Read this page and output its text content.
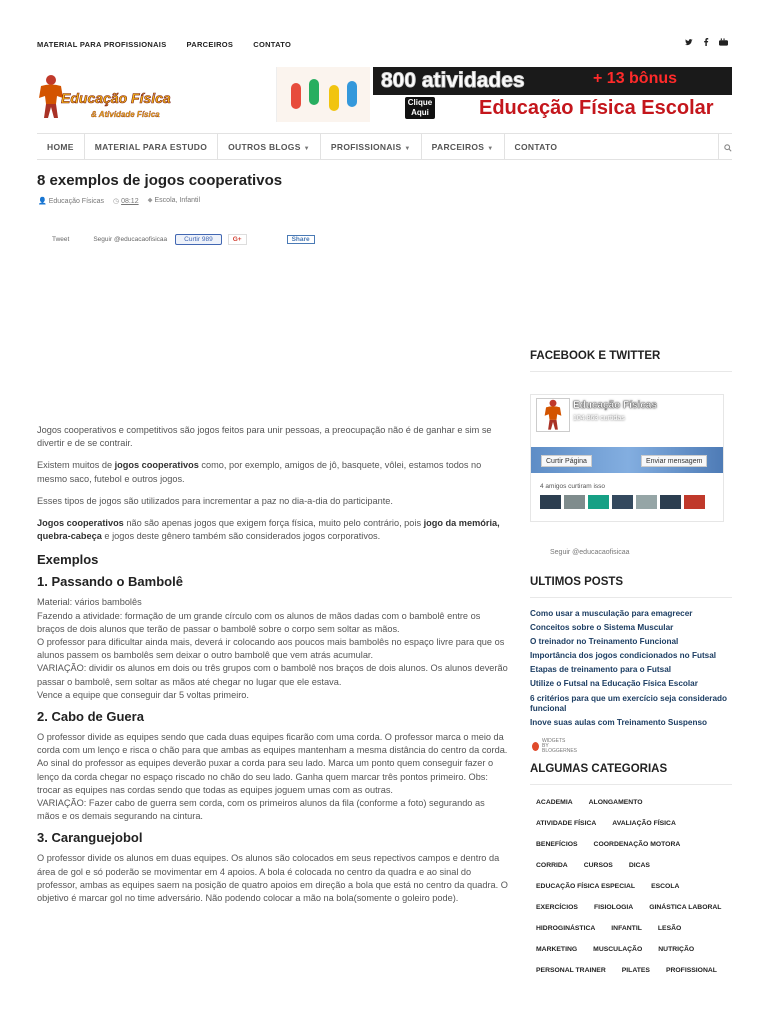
MATERIAL PARA PROFISSIONAIS	PARCEIROS	CONTATO
Educação Física
& Atividade Física
800 atividades	+ 13 bônus
Clique Aqui	Educação Física Escolar
HOME	MATERIAL PARA ESTUDO	OUTROS BLOGS ▼	PROFISSIONAIS ▼	PARCEIROS ▼	CONTATO
8 exemplos de jogos cooperativos
👤 Educação Físicas ◷ 08:12 ⬥ Escola, Infantil
Tweet	Seguir @educacaofisicaa	Curtir 989	G+	Share

Jogos cooperativos e competitivos são jogos feitos para unir pessoas, a preocupação não é de ganhar e sim se divertir e de se contrair.

Existem muitos de jogos cooperativos como, por exemplo, amigos de jô, basquete, vôlei, estamos todos no mesmo saco, futebol e outros jogos.

Esses tipos de jogos são utilizados para incrementar a paz no dia-a-dia do participante.

Jogos cooperativos não são apenas jogos que exigem força física, muito pelo contrário, pois jogo da memória, quebra-cabeça e jogos deste gênero também são considerados jogos corporativos.

Exemplos
1. Passando o Bambolê
Material: vários bambolês
Fazendo a atividade: formação de um grande círculo com os alunos de mãos dadas com o bambolê entre os braços de dois alunos que terão de passar o bambolê sobre o corpo sem soltar as mãos.
O professor para dificultar ainda mais, deverá ir colocando aos poucos mais bambolês no espaço livre para que os alunos passem os bambolês sem deixar o outro bambolê que vem atrás acumular.
VARIAÇÃO: dividir os alunos em dois ou três grupos com o bambolê nos braços de dois alunos. Os alunos deverão passar o bambolê, sem soltar as mãos até chegar no lugar que ele estava.
Vence a equipe que conseguir dar 5 voltas primeiro.
2. Cabo de Guera
O professor divide as equipes sendo que cada duas equipes ficarão com uma corda. O professor marca o meio da corda com um lenço e risca o chão para que ambas as equipes mantenham a mesma distância do centro da corda. Ao sinal do professor as equipes deverão puxar a corda para seu lado. Marca um ponto quem conseguir fazer o lenço da corda chegar no espaço riscado no chão do seu lado. Ganha quem marcar três pontos primeiro. Obs: trocar as equipes nas cordas sendo que todas as equipes joguem umas com as outras.
VARIAÇÃO: Fazer cabo de guerra sem corda, com os primeiros alunos da fila (conforme a foto) segurando as mãos e os demais segurando na cintura.
3. Caranguejobol
O professor divide os alunos em duas equipes. Os alunos são colocados em seus repectivos campos e dentro da área de gol e só poderão se movimentar em 4 apoios. A bola é colocada no centro da quadra e ao sinal do professor, ambas as equipes saem na posição de quatro apoios em direção a bola que está no centro da quadra. O objetivo é marcar gol no time adversário. Não podendo colocar a mão na bola(somente o goleiro pode).
FACEBOOK E TWITTER
Educação Físicas
104.863 curtidas
Curtir Página	Enviar mensagem
4 amigos curtiram isso
Seguir @educacaofisicaa
ULTIMOS POSTS
Como usar a musculação para emagrecer
Conceitos sobre o Sistema Muscular
O treinador no Treinamento Funcional
Importância dos jogos condicionados no Futsal
Etapas de treinamento para o Futsal
Utilize o Futsal na Educação Física Escolar
6 critérios para que um exercício seja considerado funcional
Inove suas aulas com Treinamento Suspenso
WIDGETS BY BLOGGERNES
ALGUMAS CATEGORIAS
ACADEMIA	ALONGAMENTO
ATIVIDADE FÍSICA	AVALIAÇÃO FÍSICA
BENEFÍCIOS	COORDENAÇÃO MOTORA
CORRIDA	CURSOS	DICAS
EDUCAÇÃO FÍSICA ESPECIAL	ESCOLA
EXERCÍCIOS	FISIOLOGIA	GINÁSTICA LABORAL
HIDROGINÁSTICA	INFANTIL	LESÃO
MARKETING	MUSCULAÇÃO	NUTRIÇÃO
PERSONAL TRAINER	PILATES	PROFISSIONAL
